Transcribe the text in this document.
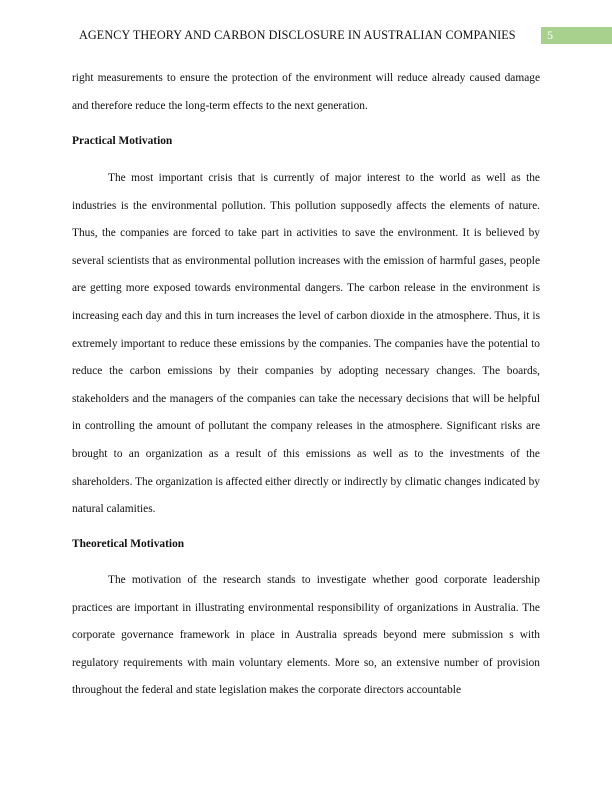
AGENCY THEORY AND CARBON DISCLOSURE IN AUSTRALIAN COMPANIES	5

right measurements to ensure the protection of the environment will reduce already caused damage and therefore reduce the long-term effects to the next generation.

Practical Motivation

The most important crisis that is currently of major interest to the world as well as the industries is the environmental pollution. This pollution supposedly affects the elements of nature. Thus, the companies are forced to take part in activities to save the environment. It is believed by several scientists that as environmental pollution increases with the emission of harmful gases, people are getting more exposed towards environmental dangers. The carbon release in the environment is increasing each day and this in turn increases the level of carbon dioxide in the atmosphere. Thus, it is extremely important to reduce these emissions by the companies. The companies have the potential to reduce the carbon emissions by their companies by adopting necessary changes. The boards, stakeholders and the managers of the companies can take the necessary decisions that will be helpful in controlling the amount of pollutant the company releases in the atmosphere. Significant risks are brought to an organization as a result of this emissions as well as to the investments of the shareholders. The organization is affected either directly or indirectly by climatic changes indicated by natural calamities.

Theoretical Motivation

The motivation of the research stands to investigate whether good corporate leadership practices are important in illustrating environmental responsibility of organizations in Australia. The corporate governance framework in place in Australia spreads beyond mere submission s with regulatory requirements with main voluntary elements. More so, an extensive number of provision throughout the federal and state legislation makes the corporate directors accountable
